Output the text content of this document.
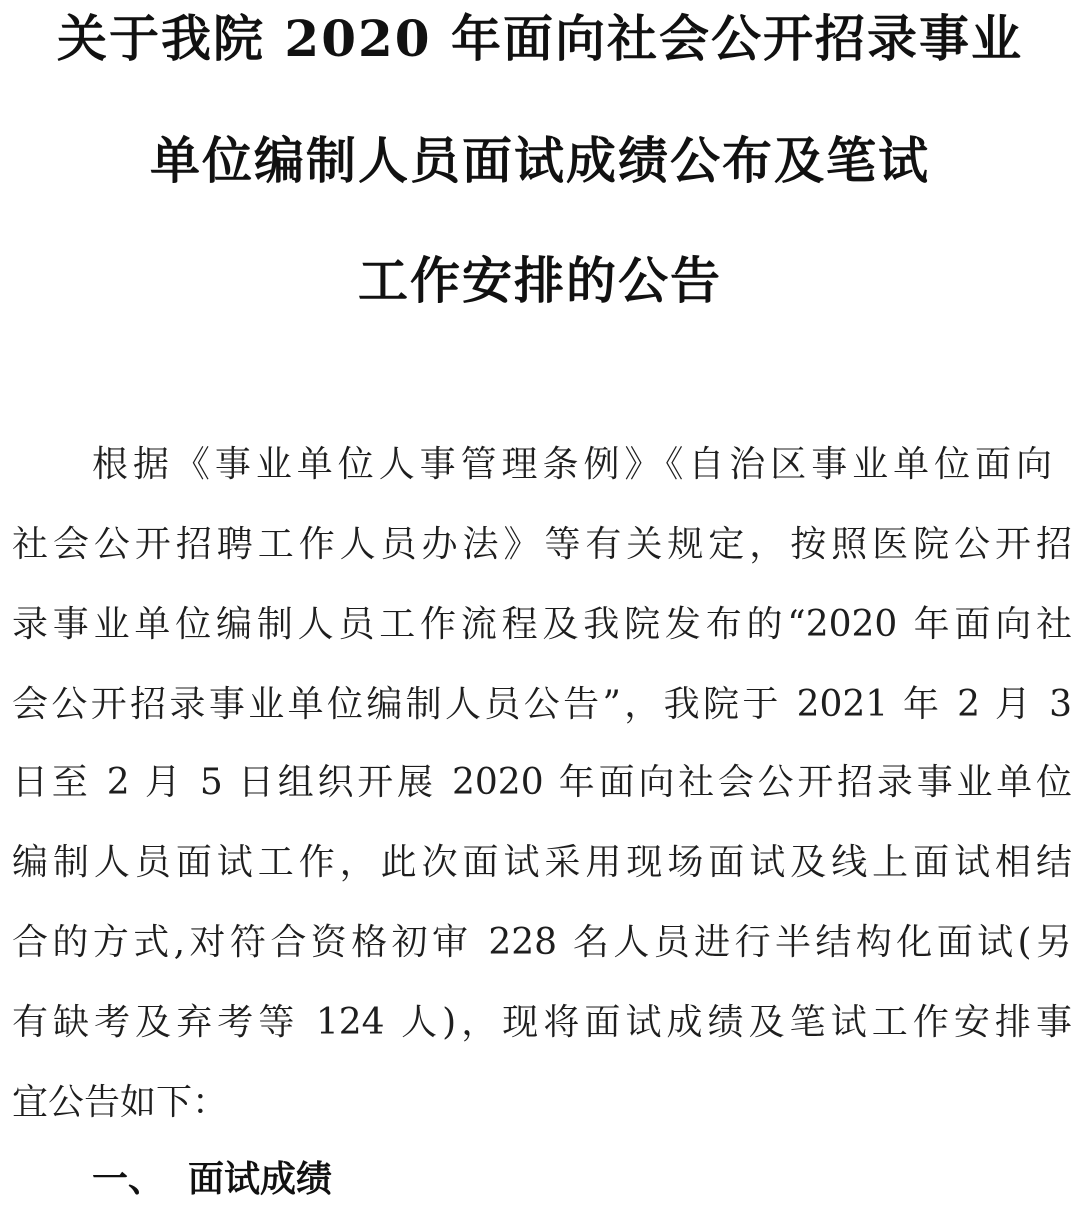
关于我院 2020 年面向社会公开招录事业
单位编制人员面试成绩公布及笔试
工作安排的公告
根据《事业单位人事管理条例》《自治区事业单位面向
社会公开招聘工作人员办法》等有关规定，按照医院公开招
录事业单位编制人员工作流程及我院发布的“2020 年面向社
会公开招录事业单位编制人员公告”，我院于 2021 年 2 月 3
日至 2 月 5 日组织开展 2020 年面向社会公开招录事业单位
编制人员面试工作，此次面试采用现场面试及线上面试相结
合的方式,对符合资格初审 228 名人员进行半结构化面试(另
有缺考及弃考等 124 人)，现将面试成绩及笔试工作安排事
宜公告如下：
一、 面试成绩
